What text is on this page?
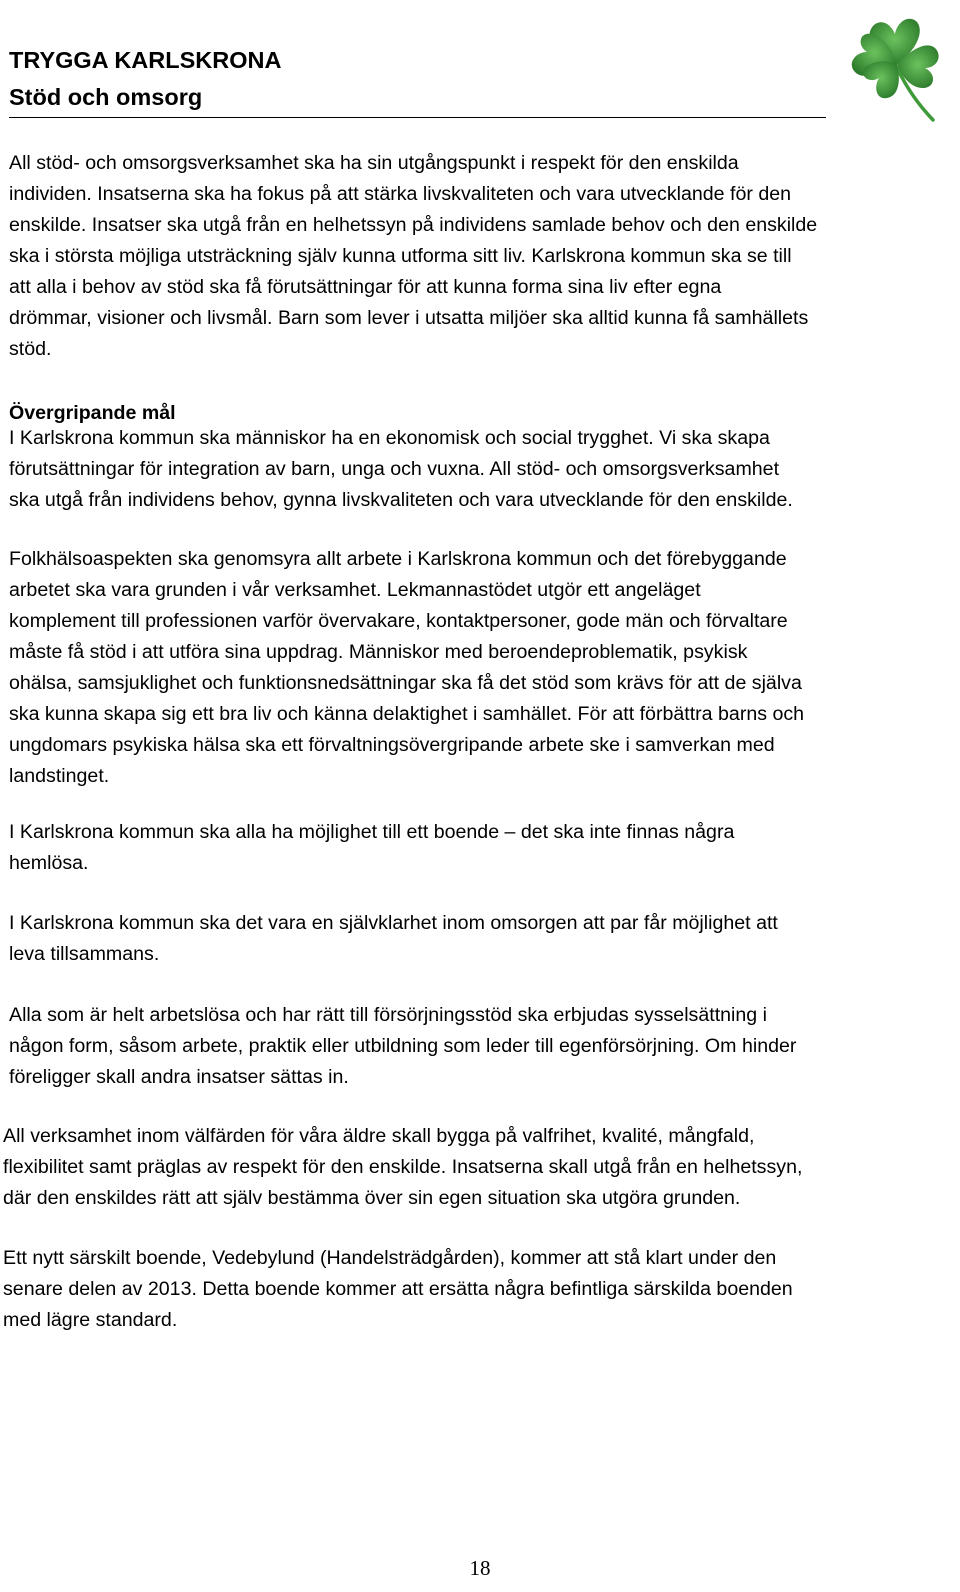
TRYGGA KARLSKRONA
Stöd och omsorg

All stöd- och omsorgsverksamhet ska ha sin utgångspunkt i respekt för den enskilda
individen. Insatserna ska ha fokus på att stärka livskvaliteten och vara utvecklande för den
enskilde. Insatser ska utgå från en helhetssyn på individens samlade behov och den enskilde
ska i största möjliga utsträckning själv kunna utforma sitt liv. Karlskrona kommun ska se till
att alla i behov av stöd ska få förutsättningar för att kunna forma sina liv efter egna
drömmar, visioner och livsmål. Barn som lever i utsatta miljöer ska alltid kunna få samhällets
stöd.

Övergripande mål

I Karlskrona kommun ska människor ha en ekonomisk och social trygghet. Vi ska skapa
förutsättningar för integration av barn, unga och vuxna. All stöd- och omsorgsverksamhet
ska utgå från individens behov, gynna livskvaliteten och vara utvecklande för den enskilde.

Folkhälsoaspekten ska genomsyra allt arbete i Karlskrona kommun och det förebyggande
arbetet ska vara grunden i vår verksamhet. Lekmannastödet utgör ett angeläget
komplement till professionen varför övervakare, kontaktpersoner, gode män och förvaltare
måste få stöd i att utföra sina uppdrag. Människor med beroendeproblematik, psykisk
ohälsa, samsjuklighet och funktionsnedsättningar ska få det stöd som krävs för att de själva
ska kunna skapa sig ett bra liv och känna delaktighet i samhället. För att förbättra barns och
ungdomars psykiska hälsa ska ett förvaltningsövergripande arbete ske i samverkan med
landstinget.

I Karlskrona kommun ska alla ha möjlighet till ett boende – det ska inte finnas några
hemlösa.

I Karlskrona kommun ska det vara en självklarhet inom omsorgen att par får möjlighet att
leva tillsammans.

Alla som är helt arbetslösa och har rätt till försörjningsstöd ska erbjudas sysselsättning i
någon form, såsom arbete, praktik eller utbildning som leder till egenförsörjning. Om hinder
föreligger skall andra insatser sättas in.

All verksamhet inom välfärden för våra äldre skall bygga på valfrihet, kvalité, mångfald,
flexibilitet samt präglas av respekt för den enskilde. Insatserna skall utgå från en helhetssyn,
där den enskildes rätt att själv bestämma över sin egen situation ska utgöra grunden.

Ett nytt särskilt boende, Vedebylund (Handelsträdgården), kommer att stå klart under den
senare delen av 2013. Detta boende kommer att ersätta några befintliga särskilda boenden
med lägre standard.

18
